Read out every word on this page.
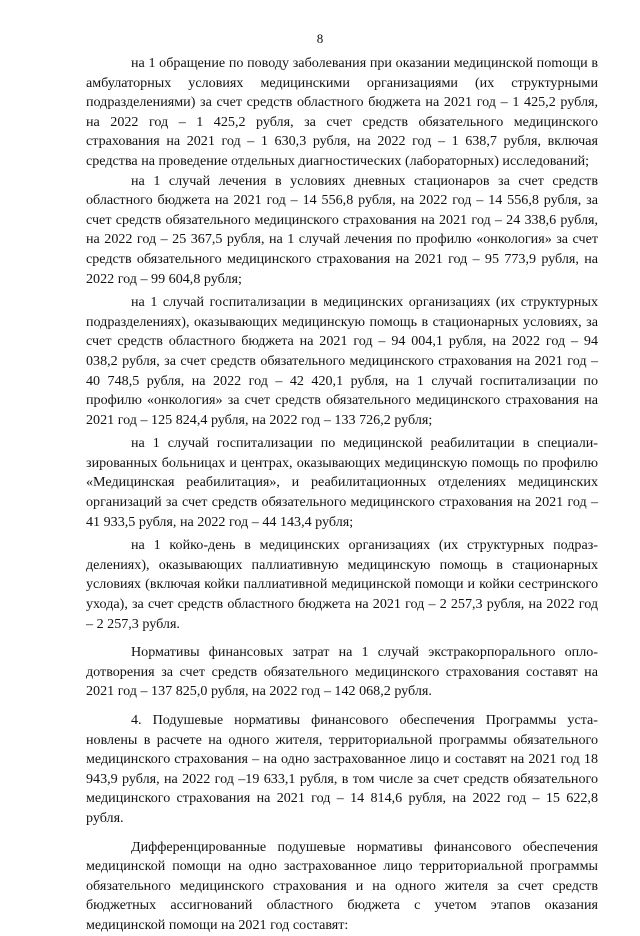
8

на 1 обращение по поводу заболевания при оказании медицинской поmощи в амбулаторных условиях медицинскими организациями (их структурными подразделениями) за счет средств областного бюджета на 2021 год – 1 425,2 рубля, на 2022 год – 1 425,2 рубля, за счет средств обязательного медицинского страхования на 2021 год – 1 630,3 рубля, на 2022 год – 1 638,7 рубля, включая средства на проведение отдельных диагностических (лабораторных) исследований;

на 1 случай лечения в условиях дневных стационаров за счет средств областного бюджета на 2021 год – 14 556,8 рубля, на 2022 год – 14 556,8 рубля, за счет средств обязательного медицинского страхования на 2021 год – 24 338,6 рубля, на 2022 год – 25 367,5 рубля, на 1 случай лечения по профилю «онкология» за счет средств обязательного медицинского страхования на 2021 год – 95 773,9 рубля, на 2022 год – 99 604,8 рубля;

на 1 случай госпитализации в медицинских организациях (их структурных подразделениях), оказывающих медицинскую помощь в стационарных условиях, за счет средств областного бюджета на 2021 год – 94 004,1 рубля, на 2022 год – 94 038,2 рубля, за счет средств обязательного медицинского страхования на 2021 год – 40 748,5 рубля, на 2022 год – 42 420,1 рубля, на 1 случай госпитализации по профилю «онкология» за счет средств обязательного медицинского страхования на 2021 год – 125 824,4 рубля, на 2022 год – 133 726,2 рубля;

на 1 случай госпитализации по медицинской реабилитации в специализированных больницах и центрах, оказывающих медицинскую помощь по профилю «Медицинская реабилитация», и реабилитационных отделениях медицинских организаций за счет средств обязательного медицинского страхования на 2021 год – 41 933,5 рубля, на 2022 год – 44 143,4 рубля;

на 1 койко-день в медицинских организациях (их структурных подразделениях), оказывающих паллиативную медицинскую помощь в стационарных условиях (включая койки паллиативной медицинской помощи и койки сестринского ухода), за счет средств областного бюджета на 2021 год – 2 257,3 рубля, на 2022 год – 2 257,3 рубля.

Нормативы финансовых затрат на 1 случай экстракорпорального оплодотворения за счет средств обязательного медицинского страхования составят на 2021 год – 137 825,0 рубля, на 2022 год – 142 068,2 рубля.

4. Подушевые нормативы финансового обеспечения Программы установлены в расчете на одного жителя, территориальной программы обязательного медицинского страхования – на одно застрахованное лицо и составят на 2021 год 18 943,9 рубля, на 2022 год –19 633,1 рубля, в том числе за счет средств обязательного медицинского страхования на 2021 год – 14 814,6 рубля, на 2022 год – 15 622,8 рубля.

Дифференцированные подушевые нормативы финансового обеспечения медицинской помощи на одно застрахованное лицо территориальной программы обязательного медицинского страхования и на одного жителя за счет средств бюджетных ассигнований областного бюджета с учетом этапов оказания медицинской помощи на 2021 год составят:
